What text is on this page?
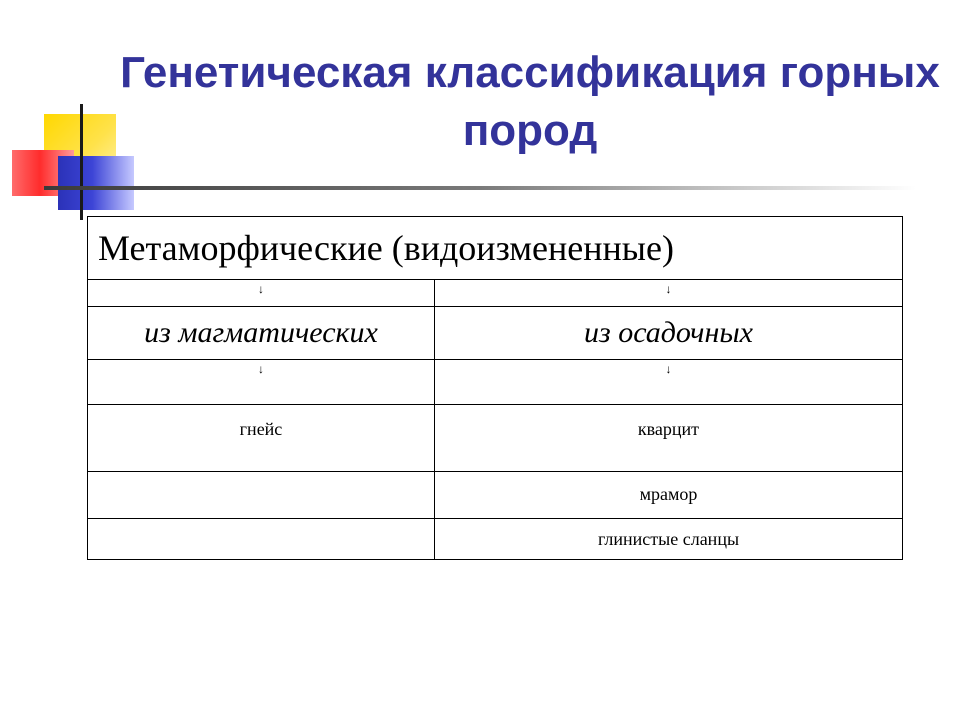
Генетическая классификация горных пород
Метаморфические (видоизмененные)	

↓	↓

из магматических	из осадочных

↓	↓

гнейс	кварцит

	мрамор

	глинистые сланцы
